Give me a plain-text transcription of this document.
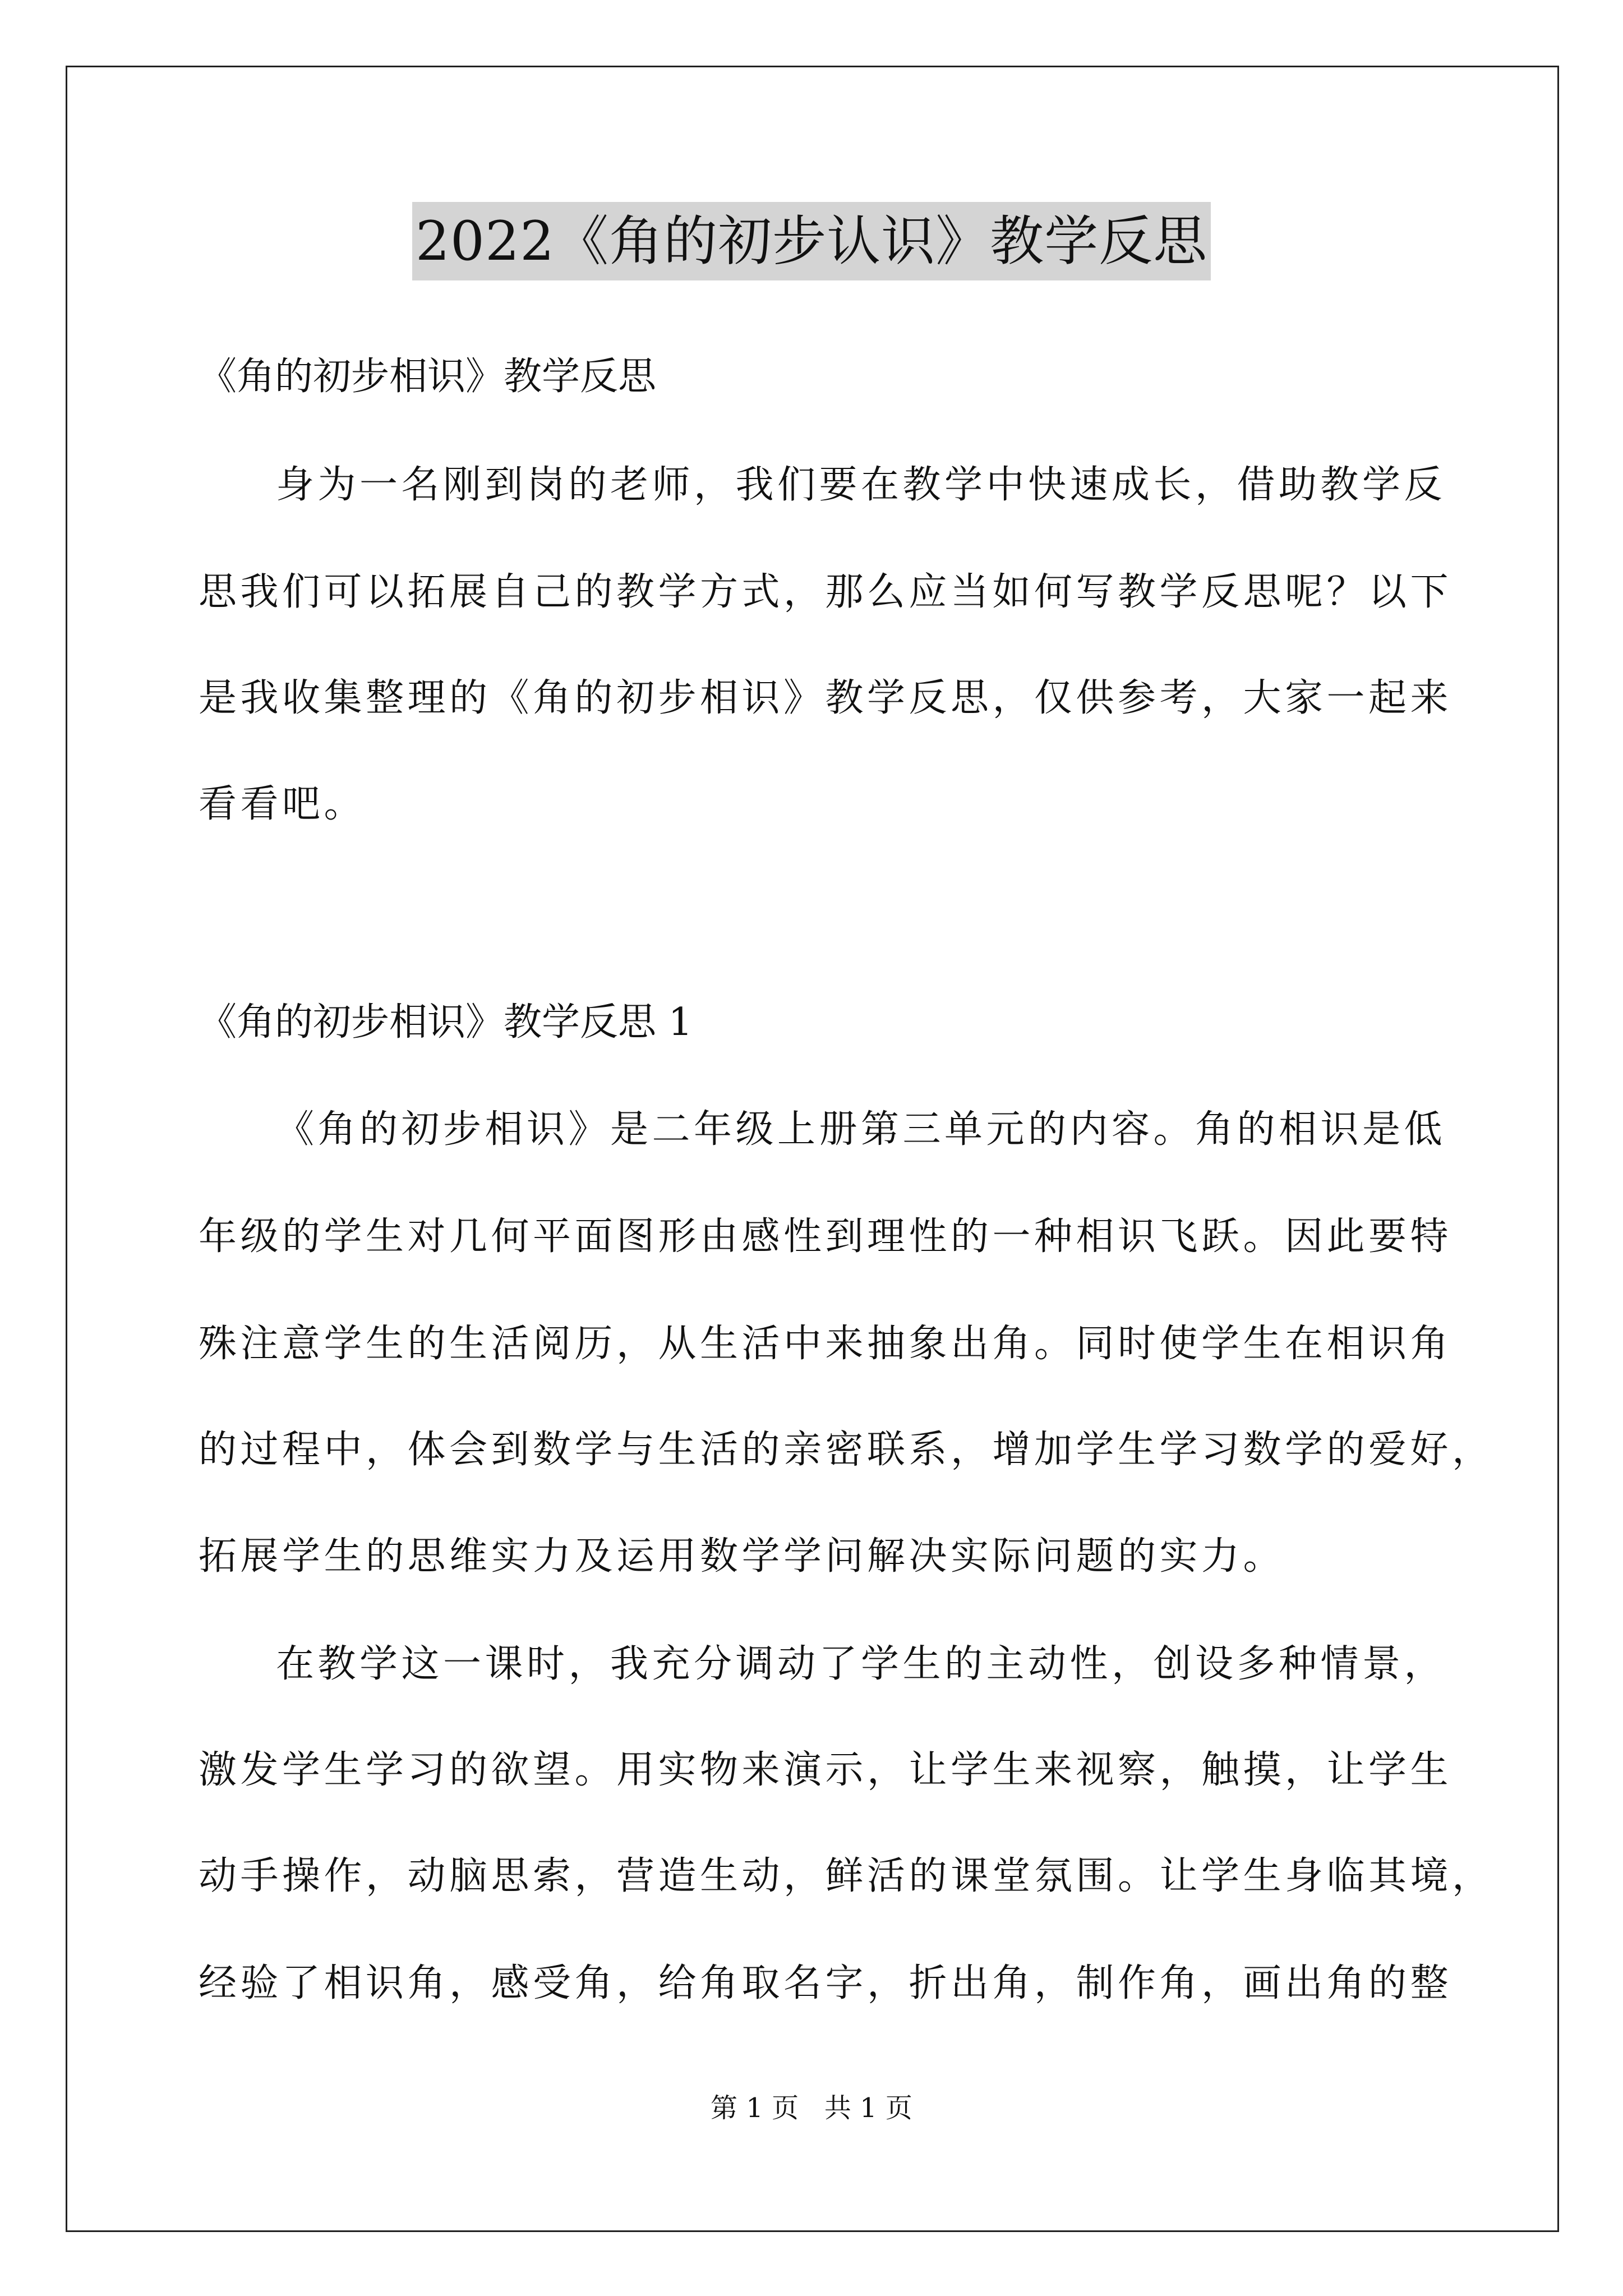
2022《角的初步认识》教学反思
《角的初步相识》教学反思
身为一名刚到岗的老师，我们要在教学中快速成长，借助教学反
思我们可以拓展自己的教学方式，那么应当如何写教学反思呢？以下
是我收集整理的《角的初步相识》教学反思，仅供参考，大家一起来
看看吧。
《角的初步相识》教学反思 1
《角的初步相识》是二年级上册第三单元的内容。角的相识是低
年级的学生对几何平面图形由感性到理性的一种相识飞跃。因此要特
殊注意学生的生活阅历，从生活中来抽象出角。同时使学生在相识角
的过程中，体会到数学与生活的亲密联系，增加学生学习数学的爱好，
拓展学生的思维实力及运用数学学问解决实际问题的实力。
在教学这一课时，我充分调动了学生的主动性，创设多种情景，
激发学生学习的欲望。用实物来演示，让学生来视察，触摸，让学生
动手操作，动脑思索，营造生动，鲜活的课堂氛围。让学生身临其境，
经验了相识角，感受角，给角取名字，折出角，制作角，画出角的整
第 1 页   共 1 页
